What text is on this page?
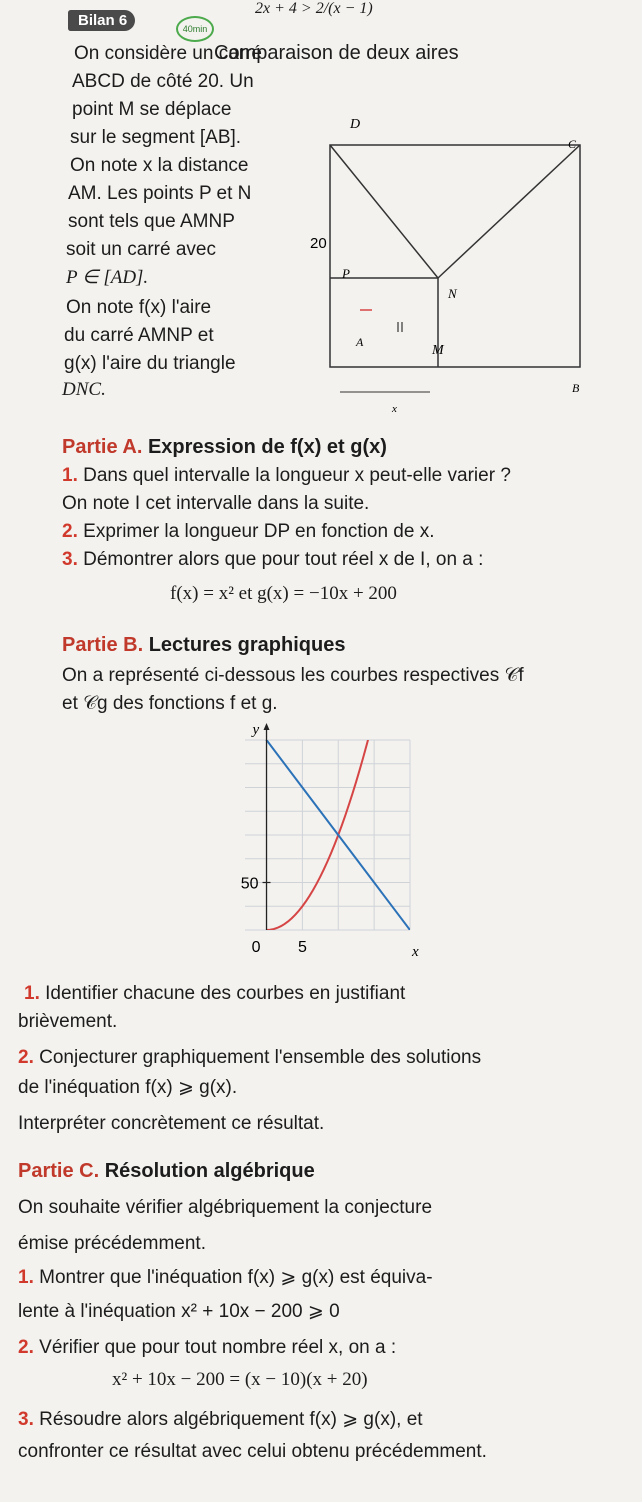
Bilan 6	40min
2x + 4 > 2/(x − 1)
Comparaison de deux aires
On considère un carré
ABCD de côté 20. Un
point M se déplace
sur le segment [AB].
On note x la distance
AM. Les points P et N
sont tels que AMNP
soit un carré avec
P ∈ [AD].
On note f(x) l'aire
du carré AMNP et
g(x) l'aire du triangle
DNC.
D
C
20
P
N
A
M
B
x
Partie A. Expression de f(x) et g(x)
1. Dans quel intervalle la longueur x peut-elle varier ?
On note I cet intervalle dans la suite.
2. Exprimer la longueur DP en fonction de x.
3. Démontrer alors que pour tout réel x de I, on a :
f(x) = x² et g(x) = −10x + 200
Partie B. Lectures graphiques
On a représenté ci-dessous les courbes respectives 𝒞f
et 𝒞g des fonctions f et g.
50
0 5
y
x
1. Identifier chacune des courbes en justifiant
brièvement.
2. Conjecturer graphiquement l'ensemble des solutions
de l'inéquation f(x) ⩾ g(x).
Interpréter concrètement ce résultat.
Partie C. Résolution algébrique
On souhaite vérifier algébriquement la conjecture
émise précédemment.
1. Montrer que l'inéquation f(x) ⩾ g(x) est équiva-
lente à l'inéquation x² + 10x − 200 ⩾ 0
2. Vérifier que pour tout nombre réel x, on a :
x² + 10x − 200 = (x − 10)(x + 20)
3. Résoudre alors algébriquement f(x) ⩾ g(x), et
confronter ce résultat avec celui obtenu précédemment.
